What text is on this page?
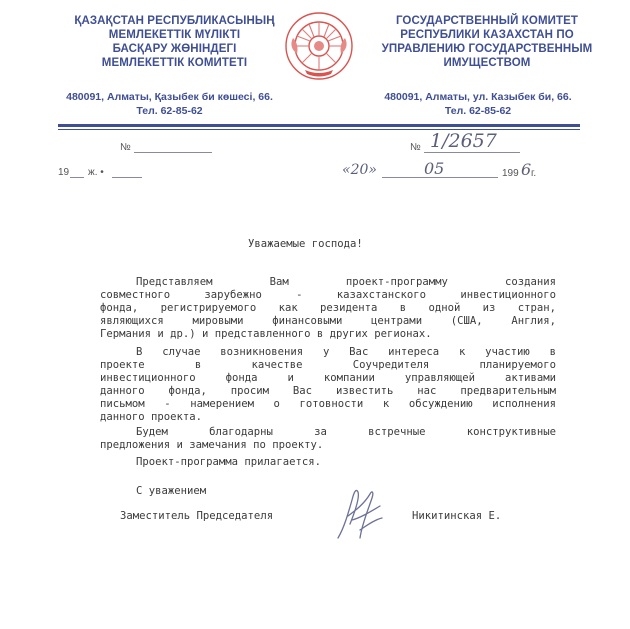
ҚАЗАҚСТАН РЕСПУБЛИКАСЫНЫҢ
МЕМЛЕКЕТТІК МҮЛІКТІ
БАСҚАРУ ЖӨНІНДЕГІ
МЕМЛЕКЕТТІК КОМИТЕТІ
ГОСУДАРСТВЕННЫЙ КОМИТЕТ
РЕСПУБЛИКИ КАЗАХСТАН ПО
УПРАВЛЕНИЮ ГОСУДАРСТВЕННЫМ
ИМУЩЕСТВОМ
480091, Алматы, Қазыбек би көшесі, 66.
Тел. 62-85-62
480091, Алматы, ул. Казыбек би, 66.
Тел. 62-85-62
№
19 ж. •
№ 1/2657
«20»	05	199 6 г.
Уважаемые господа!
Представляем Вам проект-программу создания
совместного зарубежно - казахстанского инвестиционного
фонда, регистрируемого как резидента в одной из стран,
являющихся мировыми финансовыми центрами (США, Англия,
Германия и др.) и представленного в других регионах.
В случае возникновения у Вас интереса к участию в
проекте в качестве Соучредителя планируемого
инвестиционного фонда и компании управляющей активами
данного фонда, просим Вас известить нас предварительным
письмом - намерением о готовности к обсуждению исполнения
данного проекта.
Будем благодарны за встречные конструктивные
предложения и замечания по проекту.
Проект-программа прилагается.
С уважением
Заместитель Председателя	Никитинская Е.
